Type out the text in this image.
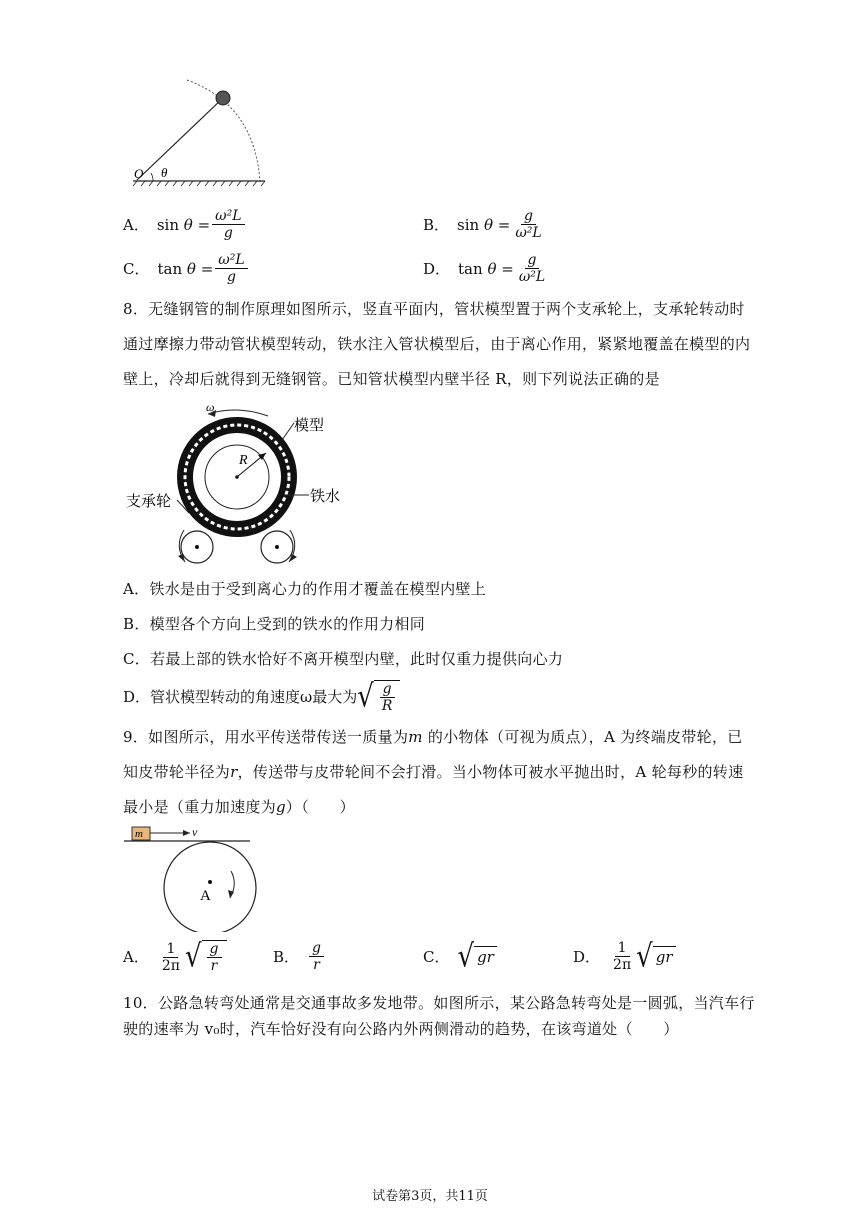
O θ
A． sin
θ
= $\frac{\text{ω²L}}{g}$	B． sin
θ
= $\frac{g}{\text{ω²L}}$
C． tan
θ
= $\frac{\text{ω²L}}{g}$	D． tan
θ
= $\frac{g}{\text{ω²L}}$
8．无缝钢管的制作原理如图所示，竖直平面内，管状模型置于两个支承轮上，支承轮转动时
通过摩擦力带动管状模型转动，铁水注入管状模型后，由于离心作用，紧紧地覆盖在模型的内
壁上，冷却后就得到无缝钢管。已知管状模型内壁半径 R，则下列说法正确的是
ω
模型
R
铁水
支承轮
A．铁水是由于受到离心力的作用才覆盖在模型内壁上
B．模型各个方向上受到的铁水的作用力相同
C．若最上部的铁水恰好不离开模型内壁，此时仅重力提供向心力
D．管状模型转动的角速度ω最大为 √ $\frac{g}{R}$
9．如图所示，用水平传送带传送一质量为m 的小物体（可视为质点），A 为终端皮带轮，已
知皮带轮半径为r，传送带与皮带轮间不会打滑。当小物体可被水平抛出时，A 轮每秒的转速
最小是（重力加速度为g）（　　）
m	v
A
A． $\frac{1}{2\pi}$ √ $\frac{g}{r}$	B． $\frac{g}{r}$	C． √ gr	D． $\frac{1}{2\pi}$ √ gr
10．公路急转弯处通常是交通事故多发地带。如图所示，某公路急转弯处是一圆弧，当汽车行
驶的速率为 v₀时，汽车恰好没有向公路内外两侧滑动的趋势，在该弯道处（　　）
试卷第3页，共11页
